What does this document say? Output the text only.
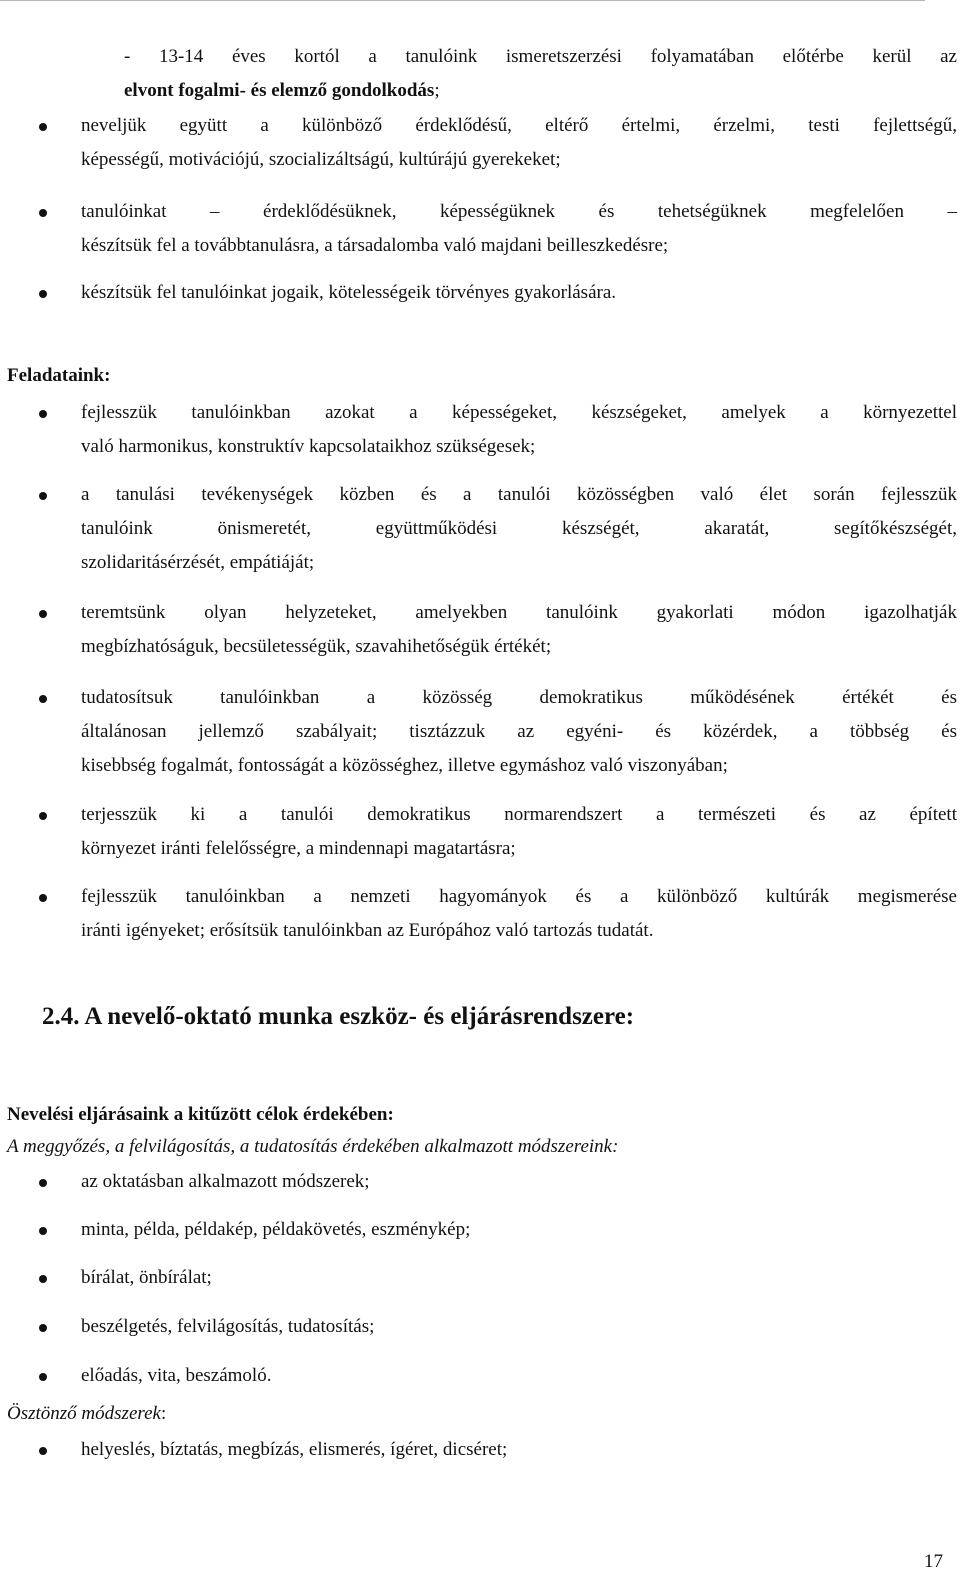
- 13-14 éves kortól a tanulóink ismeretszerzési folyamatában előtérbe kerül az
elvont fogalmi- és elemző gondolkodás;
neveljük együtt a különböző érdeklődésű, eltérő értelmi, érzelmi, testi fejlettségű,
képességű, motivációjú, szocializáltságú, kultúrájú gyerekeket;
tanulóinkat – érdeklődésüknek, képességüknek és tehetségüknek megfelelően –
készítsük fel a továbbtanulásra, a társadalomba való majdani beilleszkedésre;
készítsük fel tanulóinkat jogaik, kötelességeik törvényes gyakorlására.
Feladataink:
fejlesszük tanulóinkban azokat a képességeket, készségeket, amelyek a környezettel
való harmonikus, konstruktív kapcsolataikhoz szükségesek;
a tanulási tevékenységek közben és a tanulói közösségben való élet során fejlesszük
tanulóink önismeretét, együttműködési készségét, akaratát, segítőkészségét,
szolidaritásérzését, empátiáját;
teremtsünk olyan helyzeteket, amelyekben tanulóink gyakorlati módon igazolhatják
megbízhatóságuk, becsületességük, szavahihetőségük értékét;
tudatosítsuk tanulóinkban a közösség demokratikus működésének értékét és
általánosan jellemző szabályait; tisztázzuk az egyéni- és közérdek, a többség és
kisebbség fogalmát, fontosságát a közösséghez, illetve egymáshoz való viszonyában;
terjesszük ki a tanulói demokratikus normarendszert a természeti és az épített
környezet iránti felelősségre, a mindennapi magatartásra;
fejlesszük tanulóinkban a nemzeti hagyományok és a különböző kultúrák megismerése
iránti igényeket; erősítsük tanulóinkban az Európához való tartozás tudatát.
2.4. A nevelő-oktató munka eszköz- és eljárásrendszere:
Nevelési eljárásaink a kitűzött célok érdekében:
A meggyőzés, a felvilágosítás, a tudatosítás érdekében alkalmazott módszereink:
az oktatásban alkalmazott módszerek;
minta, példa, példakép, példakövetés, eszménykép;
bírálat, önbírálat;
beszélgetés, felvilágosítás, tudatosítás;
előadás, vita, beszámoló.
Ösztönző módszerek:
helyeslés, bíztatás, megbízás, elismerés, ígéret, dicséret;
17
